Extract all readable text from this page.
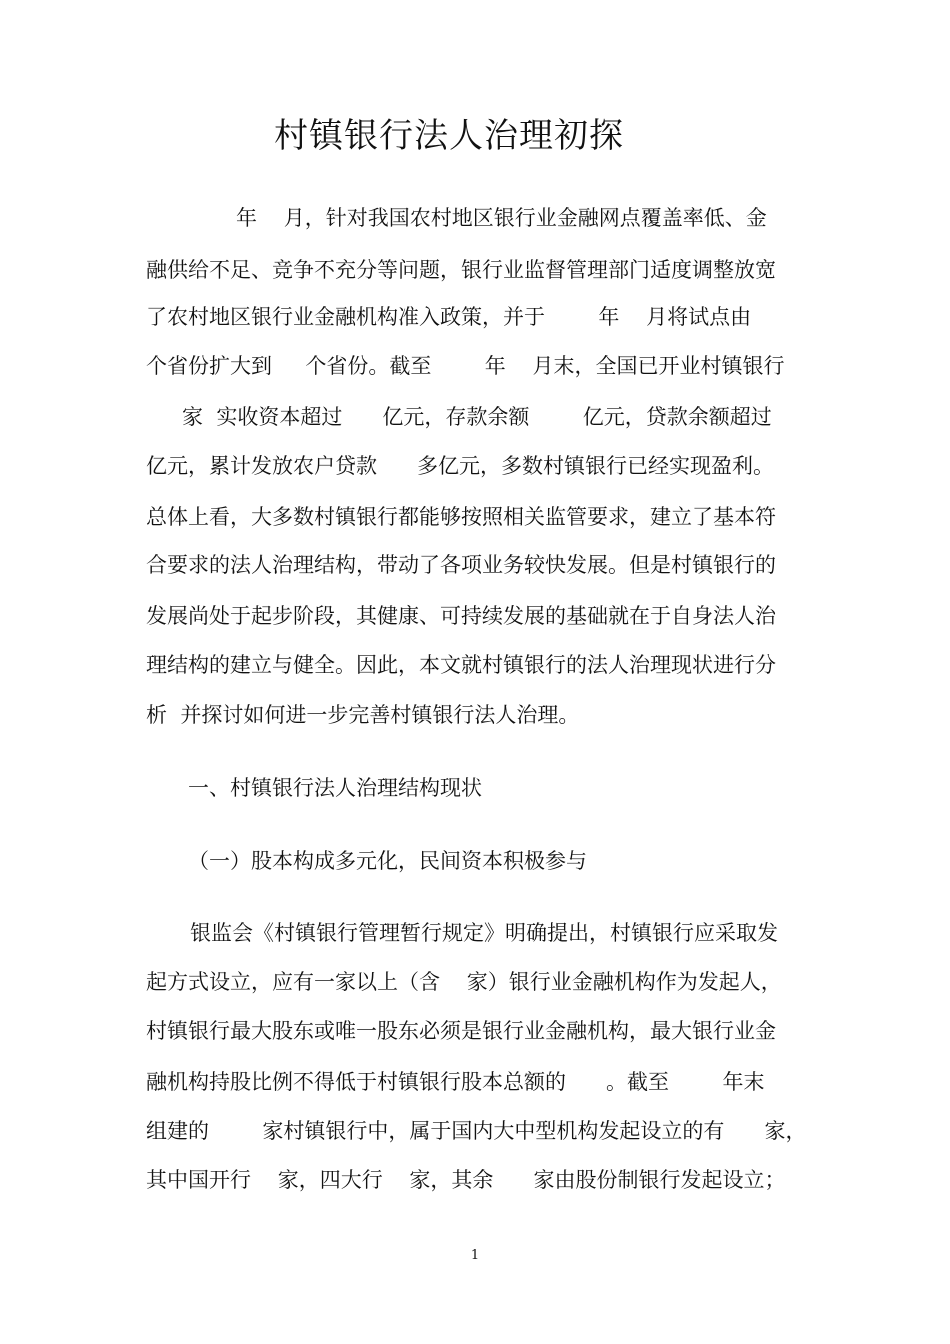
村镇银行法人治理初探
年    月，针对我国农村地区银行业金融网点覆盖率低、金
融供给不足、竞争不充分等问题，银行业监督管理部门适度调整放宽
了农村地区银行业金融机构准入政策，并于        年    月将试点由
个省份扩大到     个省份。截至        年    月末，全国已开业村镇银行
家  实收资本超过      亿元，存款余额        亿元，贷款余额超过
亿元，累计发放农户贷款      多亿元，多数村镇银行已经实现盈利。
总体上看，大多数村镇银行都能够按照相关监管要求，建立了基本符
合要求的法人治理结构，带动了各项业务较快发展。但是村镇银行的
发展尚处于起步阶段，其健康、可持续发展的基础就在于自身法人治
理结构的建立与健全。因此，本文就村镇银行的法人治理现状进行分
析  并探讨如何进一步完善村镇银行法人治理。
一、村镇银行法人治理结构现状
（一）股本构成多元化，民间资本积极参与
银监会《村镇银行管理暂行规定》明确提出，村镇银行应采取发
起方式设立，应有一家以上（含    家）银行业金融机构作为发起人，
村镇银行最大股东或唯一股东必须是银行业金融机构，最大银行业金
融机构持股比例不得低于村镇银行股本总额的      。截至        年末
组建的        家村镇银行中，属于国内大中型机构发起设立的有      家，
其中国开行    家，四大行    家，其余      家由股份制银行发起设立；
1
